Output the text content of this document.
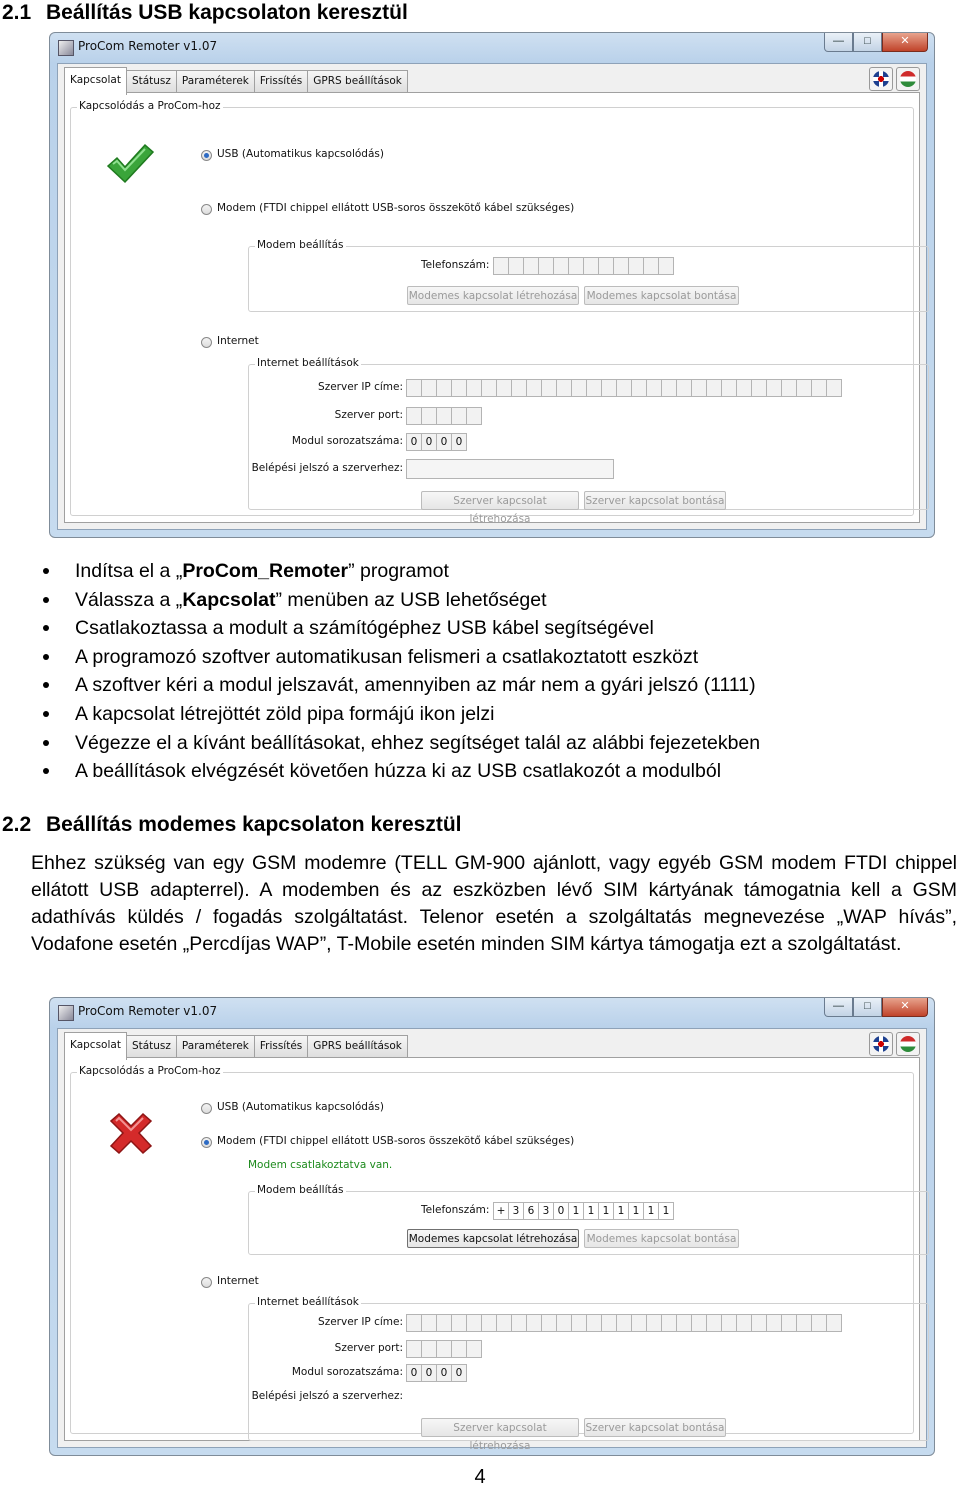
2.1 Beállítás USB kapcsolaton keresztül
ProCom Remoter v1.07	—	□	✕
Kapcsolat	Státusz	Paraméterek	Frissítés	GPRS beállítások
Kapcsolódás a ProCom-hoz
USB (Automatikus kapcsolódás)
Modem (FTDI chippel ellátott USB-soros összekötő kábel szükséges)
Modem beállítás
Telefonszám:
Modemes kapcsolat létrehozása Modemes kapcsolat bontása
Internet
Internet beállítások
Szerver IP címe:
Szerver port:
Modul sorozatszáma: 0 0 0 0
Belépési jelszó a szerverhez:
Szerver kapcsolat létrehozása
Szerver kapcsolat bontása
Indítsa el a „ProCom_Remoter” programot
Válassza a „Kapcsolat” menüben az USB lehetőséget
Csatlakoztassa a modult a számítógéphez USB kábel segítségével
A programozó szoftver automatikusan felismeri a csatlakoztatott eszközt
A szoftver kéri a modul jelszavát, amennyiben az már nem a gyári jelszó (1111)
A kapcsolat létrejöttét zöld pipa formájú ikon jelzi
Végezze el a kívánt beállításokat, ehhez segítséget talál az alábbi fejezetekben
A beállítások elvégzését követően húzza ki az USB csatlakozót a modulból
2.2 Beállítás modemes kapcsolaton keresztül
Ehhez szükség van egy GSM modemre (TELL GM-900 ajánlott, vagy egyéb GSM modem FTDI chippel ellátott USB adapterrel). A modemben és az eszközben lévő SIM kártyának támogatnia kell a GSM adathívás küldés / fogadás szolgáltatást. Telenor esetén a szolgáltatás megnevezése „WAP hívás”, Vodafone esetén „Percdíjas WAP”, T-Mobile esetén minden SIM kártya támogatja ezt a szolgáltatást.
ProCom Remoter v1.07	—	□	✕
Kapcsolat	Státusz	Paraméterek	Frissítés	GPRS beállítások
Kapcsolódás a ProCom-hoz
USB (Automatikus kapcsolódás)
Modem (FTDI chippel ellátott USB-soros összekötő kábel szükséges)
Modem csatlakoztatva van.
Modem beállítás
Telefonszám: + 3 6 3 0 1 1 1 1 1 1 1
Modemes kapcsolat létrehozása Modemes kapcsolat bontása
Internet
Internet beállítások
Szerver IP címe:
Szerver port:
Modul sorozatszáma: 0 0 0 0
Belépési jelszó a szerverhez:
Szerver kapcsolat létrehozása
Szerver kapcsolat bontása
4
